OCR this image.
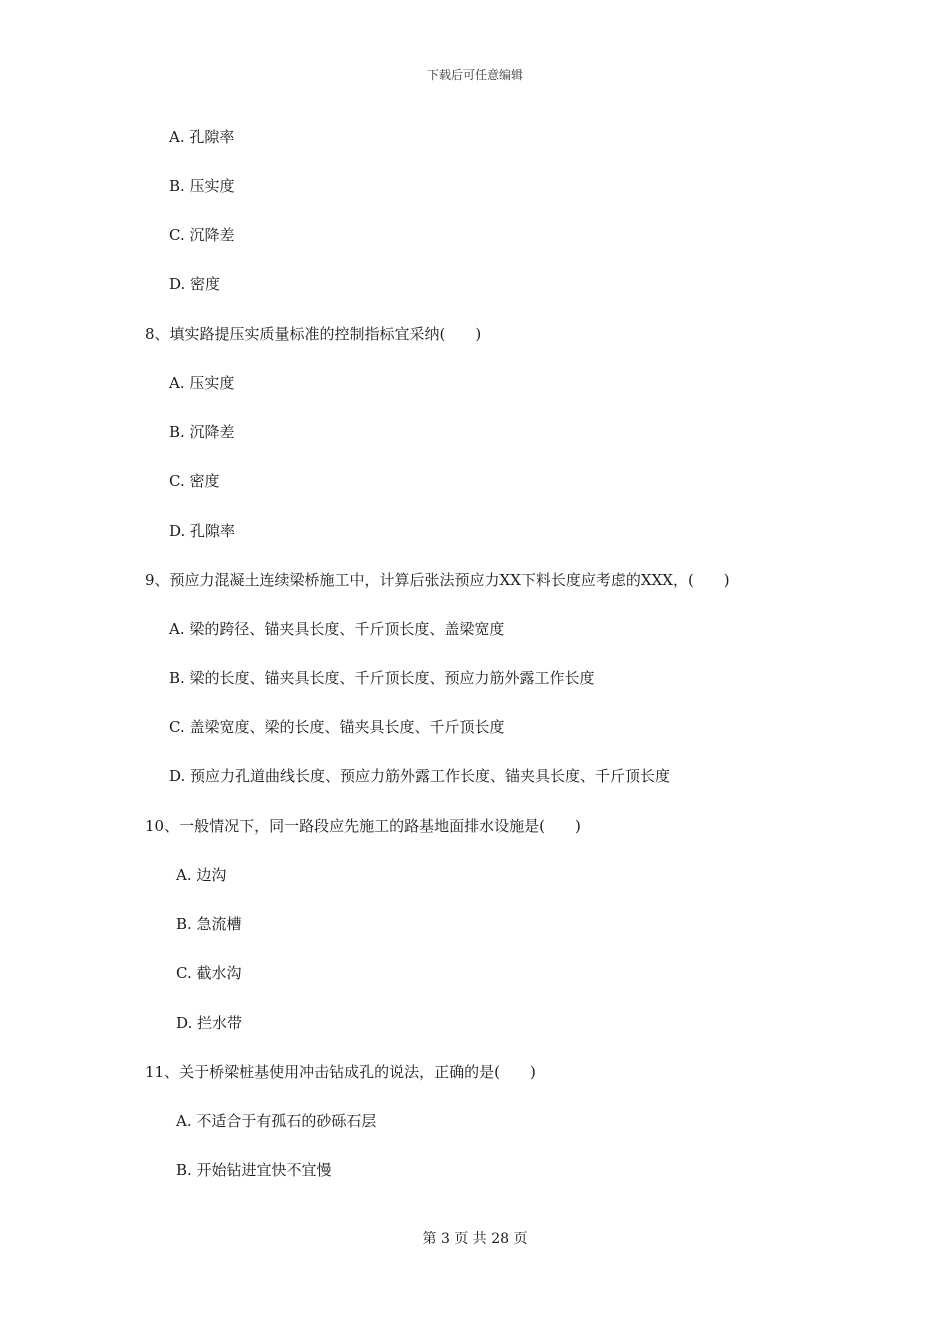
下载后可任意编辑
A. 孔隙率
B. 压实度
C. 沉降差
D. 密度
8、填实路提压实质量标准的控制指标宜采纳(　　)
A. 压实度
B. 沉降差
C. 密度
D. 孔隙率
9、预应力混凝土连续梁桥施工中，计算后张法预应力XX下料长度应考虑的XXX，(　　)
A. 梁的跨径、锚夹具长度、千斤顶长度、盖梁宽度
B. 梁的长度、锚夹具长度、千斤顶长度、预应力筋外露工作长度
C. 盖梁宽度、梁的长度、锚夹具长度、千斤顶长度
D. 预应力孔道曲线长度、预应力筋外露工作长度、锚夹具长度、千斤顶长度
10、一般情况下，同一路段应先施工的路基地面排水设施是(　　)
A. 边沟
B. 急流槽
C. 截水沟
D. 拦水带
11、关于桥梁桩基使用冲击钻成孔的说法，正确的是(　　)
A. 不适合于有孤石的砂砾石层
B. 开始钻进宜快不宜慢
第 3 页 共 28 页
